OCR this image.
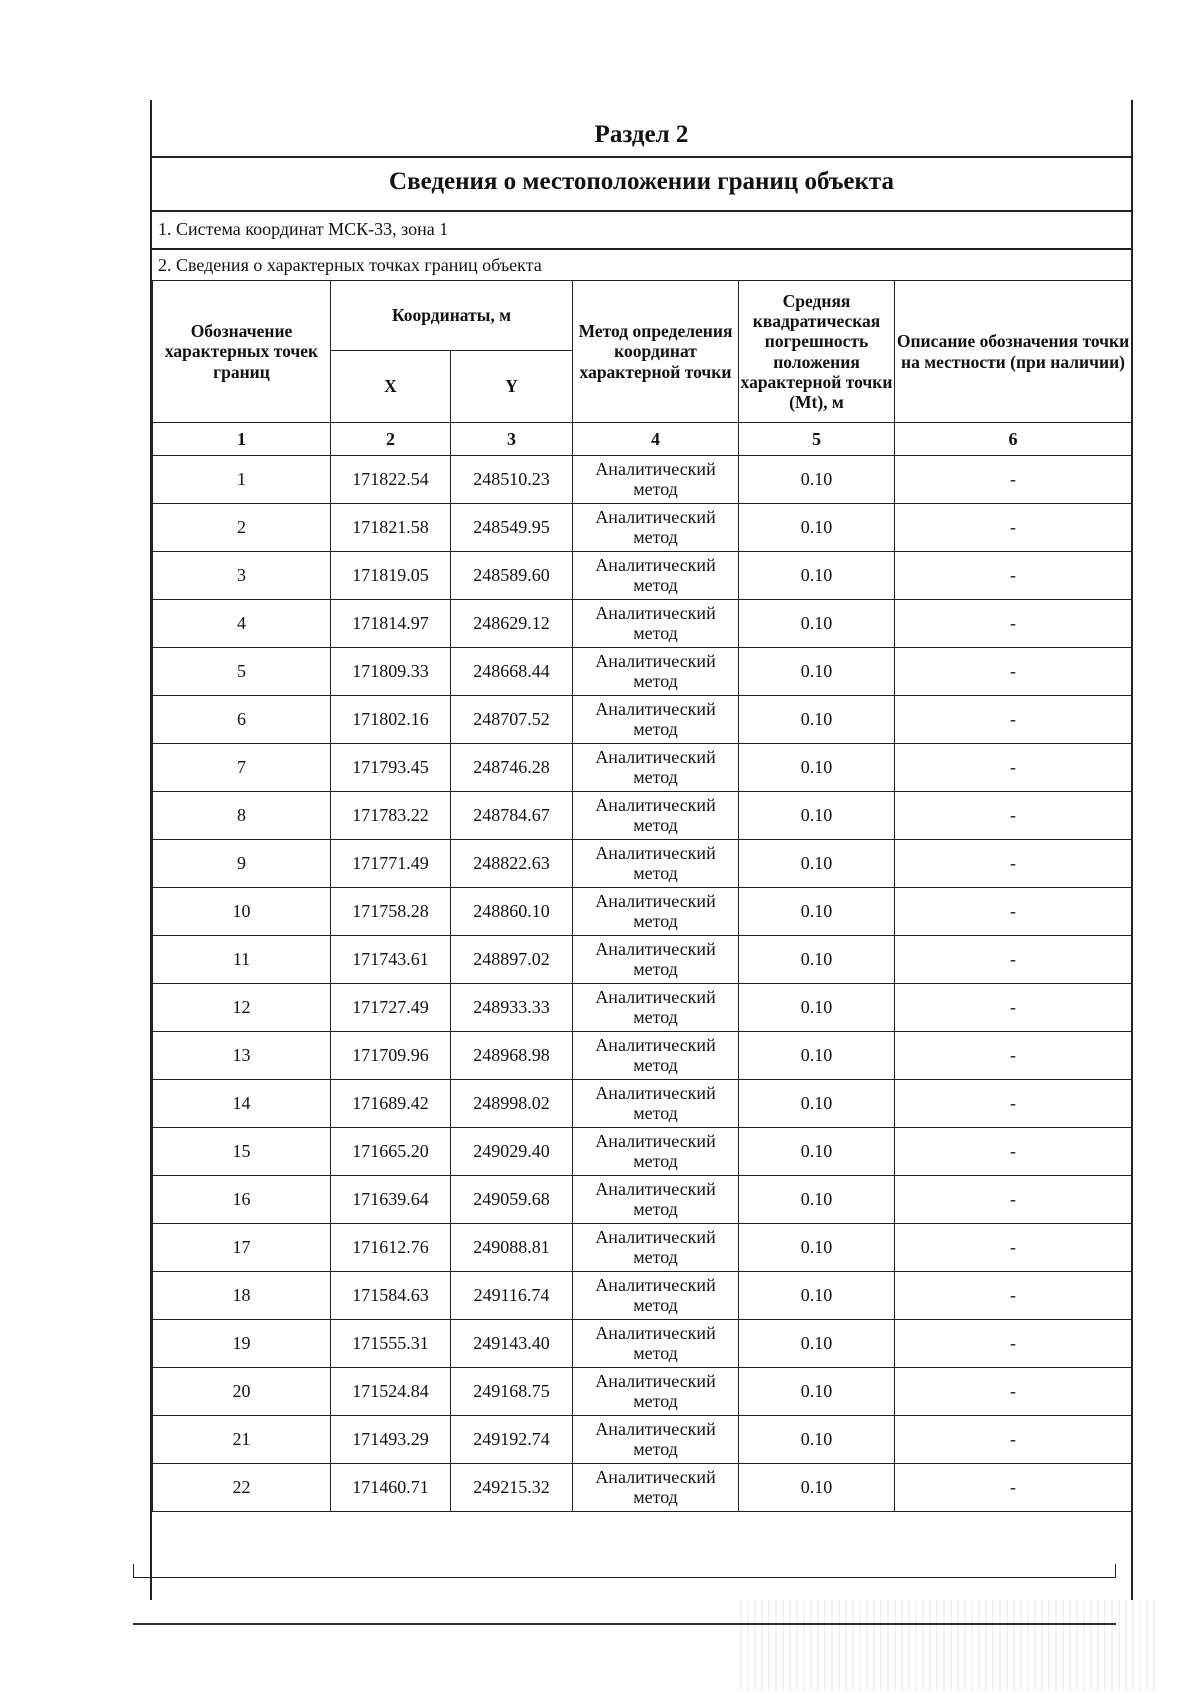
Раздел 2
Сведения о местоположении границ объекта
1. Система координат МСК-33, зона 1
2. Сведения о характерных точках границ объекта
Обозначение характерных точек границ	Координаты, м		Метод определения координат характерной точки	Средняя квадратическая погрешность положения характерной точки (Mt), м	Описание обозначения точки на местности (при наличии)
	X	Y			
1	2	3	4	5	6
1	171822.54	248510.23	Аналитический метод	0.10	-
2	171821.58	248549.95	Аналитический метод	0.10	-
3	171819.05	248589.60	Аналитический метод	0.10	-
4	171814.97	248629.12	Аналитический метод	0.10	-
5	171809.33	248668.44	Аналитический метод	0.10	-
6	171802.16	248707.52	Аналитический метод	0.10	-
7	171793.45	248746.28	Аналитический метод	0.10	-
8	171783.22	248784.67	Аналитический метод	0.10	-
9	171771.49	248822.63	Аналитический метод	0.10	-
10	171758.28	248860.10	Аналитический метод	0.10	-
11	171743.61	248897.02	Аналитический метод	0.10	-
12	171727.49	248933.33	Аналитический метод	0.10	-
13	171709.96	248968.98	Аналитический метод	0.10	-
14	171689.42	248998.02	Аналитический метод	0.10	-
15	171665.20	249029.40	Аналитический метод	0.10	-
16	171639.64	249059.68	Аналитический метод	0.10	-
17	171612.76	249088.81	Аналитический метод	0.10	-
18	171584.63	249116.74	Аналитический метод	0.10	-
19	171555.31	249143.40	Аналитический метод	0.10	-
20	171524.84	249168.75	Аналитический метод	0.10	-
21	171493.29	249192.74	Аналитический метод	0.10	-
22	171460.71	249215.32	Аналитический метод	0.10	-
